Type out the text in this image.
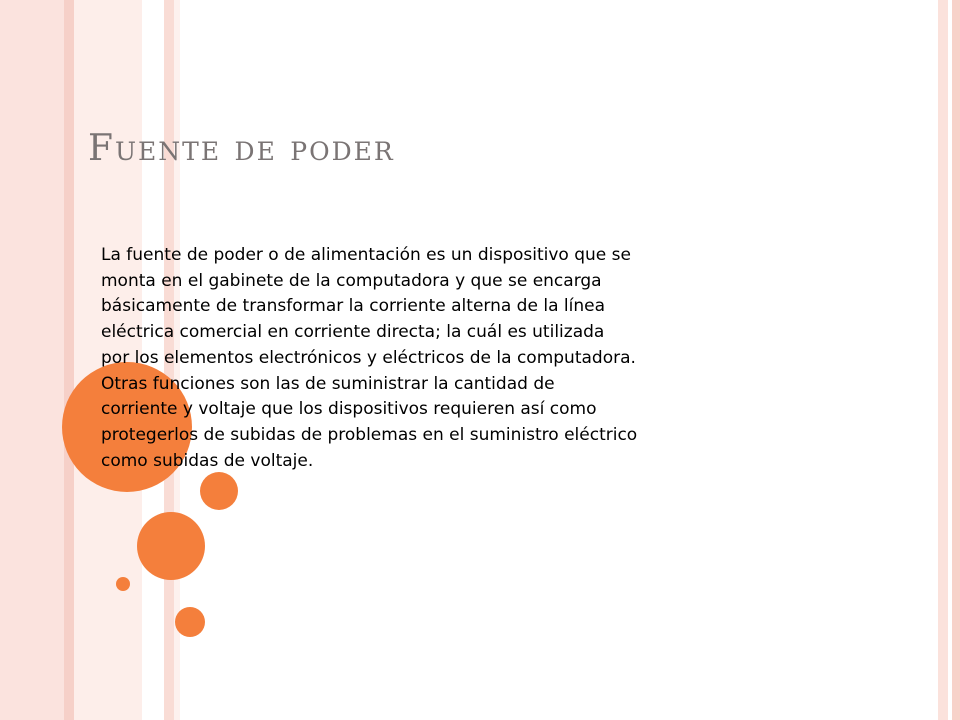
Fuente de poder

La fuente de poder o de alimentación es un dispositivo que se
monta en el gabinete de la computadora y que se encarga
básicamente de transformar la corriente alterna de la línea
eléctrica comercial en corriente directa; la cuál es utilizada
por los elementos electrónicos y eléctricos de la computadora.
Otras funciones son las de suministrar la cantidad de
corriente y voltaje que los dispositivos requieren así como
protegerlos de subidas de problemas en el suministro eléctrico
como subidas de voltaje.
